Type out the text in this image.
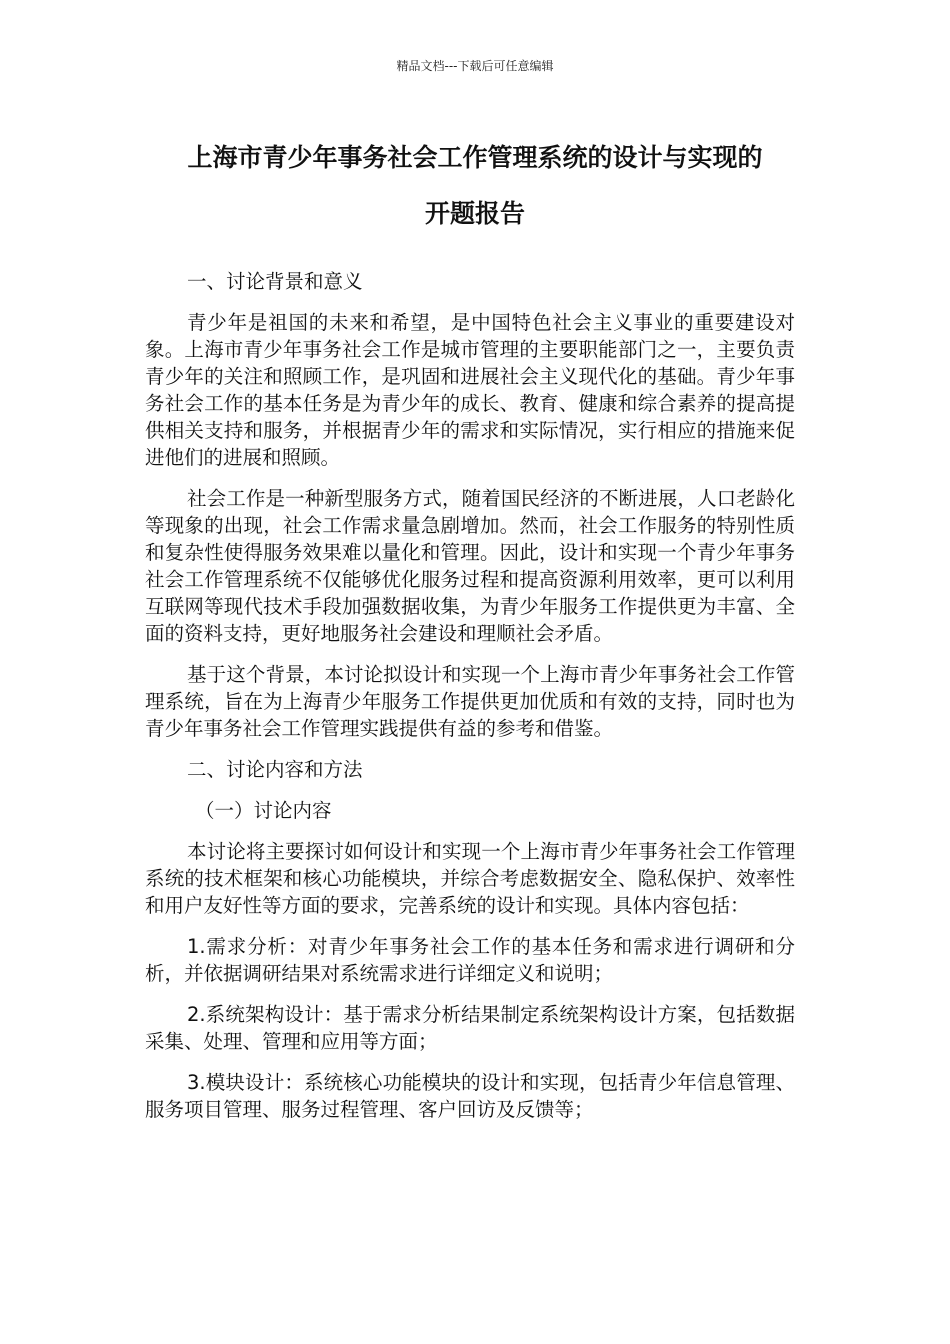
精品文档---下载后可任意编辑
上海市青少年事务社会工作管理系统的设计与实现的
开题报告

一、讨论背景和意义

青少年是祖国的未来和希望，是中国特色社会主义事业的重要建设对象。上海市青少年事务社会工作是城市管理的主要职能部门之一，主要负责青少年的关注和照顾工作，是巩固和进展社会主义现代化的基础。青少年事务社会工作的基本任务是为青少年的成长、教育、健康和综合素养的提高提供相关支持和服务，并根据青少年的需求和实际情况，实行相应的措施来促进他们的进展和照顾。

社会工作是一种新型服务方式，随着国民经济的不断进展，人口老龄化等现象的出现，社会工作需求量急剧增加。然而，社会工作服务的特别性质和复杂性使得服务效果难以量化和管理。因此，设计和实现一个青少年事务社会工作管理系统不仅能够优化服务过程和提高资源利用效率，更可以利用互联网等现代技术手段加强数据收集，为青少年服务工作提供更为丰富、全面的资料支持，更好地服务社会建设和理顺社会矛盾。

基于这个背景，本讨论拟设计和实现一个上海市青少年事务社会工作管理系统，旨在为上海青少年服务工作提供更加优质和有效的支持，同时也为青少年事务社会工作管理实践提供有益的参考和借鉴。

二、讨论内容和方法

（一）讨论内容

本讨论将主要探讨如何设计和实现一个上海市青少年事务社会工作管理系统的技术框架和核心功能模块，并综合考虑数据安全、隐私保护、效率性和用户友好性等方面的要求，完善系统的设计和实现。具体内容包括：

1.需求分析：对青少年事务社会工作的基本任务和需求进行调研和分析，并依据调研结果对系统需求进行详细定义和说明；

2.系统架构设计：基于需求分析结果制定系统架构设计方案，包括数据采集、处理、管理和应用等方面；

3.模块设计：系统核心功能模块的设计和实现，包括青少年信息管理、服务项目管理、服务过程管理、客户回访及反馈等；
